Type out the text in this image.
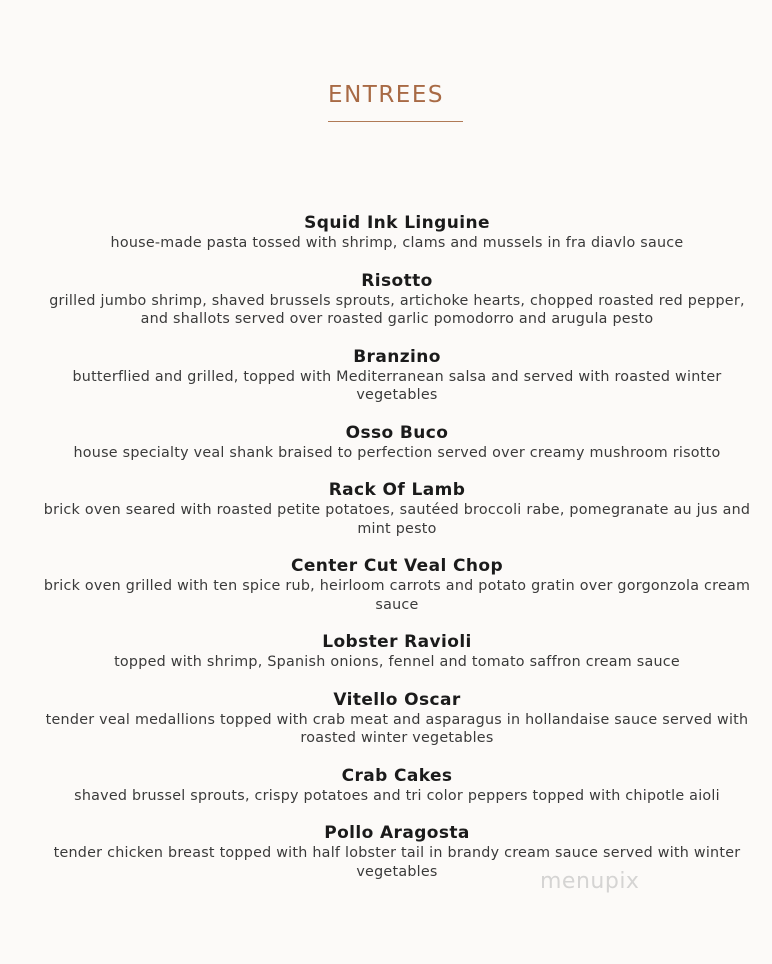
ENTREES
Squid Ink Linguine
house-made pasta tossed with shrimp, clams and mussels in fra diavlo sauce
Risotto
grilled jumbo shrimp, shaved brussels sprouts, artichoke hearts, chopped roasted red pepper, and shallots served over roasted garlic pomodorro and arugula pesto
Branzino
butterflied and grilled, topped with Mediterranean salsa and served with roasted winter vegetables
Osso Buco
house specialty veal shank braised to perfection served over creamy mushroom risotto
Rack Of Lamb
brick oven seared with roasted petite potatoes, sautéed broccoli rabe, pomegranate au jus and mint pesto
Center Cut Veal Chop
brick oven grilled with ten spice rub, heirloom carrots and potato gratin over gorgonzola cream sauce
Lobster Ravioli
topped with shrimp, Spanish onions, fennel and tomato saffron cream sauce
Vitello Oscar
tender veal medallions topped with crab meat and asparagus in hollandaise sauce served with roasted winter vegetables
Crab Cakes
shaved brussel sprouts, crispy potatoes and tri color peppers topped with chipotle aioli
Pollo Aragosta
tender chicken breast topped with half lobster tail in brandy cream sauce served with winter vegetables	menupix
